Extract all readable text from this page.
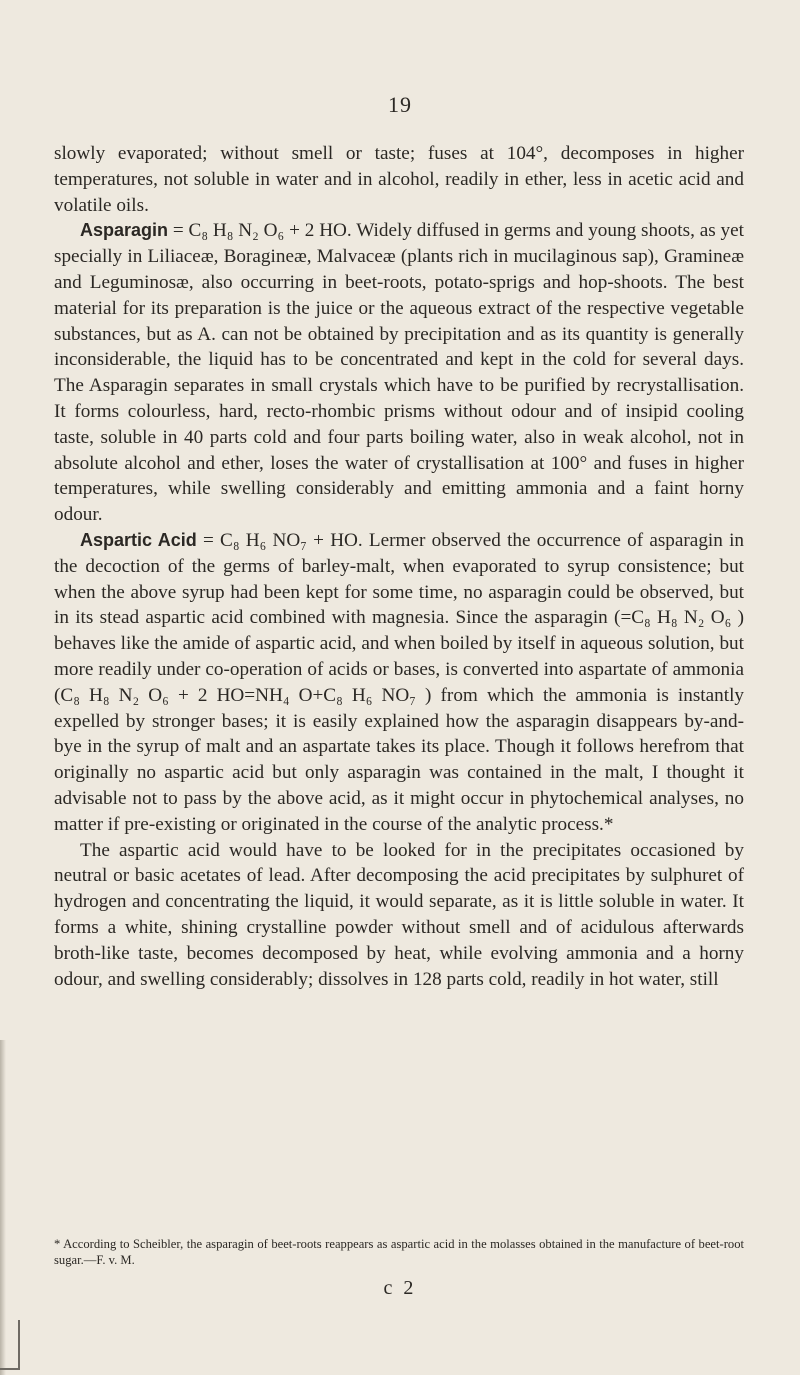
19

slowly evaporated; without smell or taste; fuses at 104°, decomposes in higher temperatures, not soluble in water and in alcohol, readily in ether, less in acetic acid and volatile oils.

Asparagin = C₈ H₈ N₂ O₆ + 2 HO. Widely diffused in germs and young shoots, as yet specially in Liliaceæ, Boragineæ, Malvaceæ (plants rich in mucilaginous sap), Gramineæ and Leguminosæ, also occurring in beet-roots, potato-sprigs and hop-shoots. The best material for its preparation is the juice or the aqueous extract of the respective vegetable substances, but as A. can not be obtained by precipitation and as its quantity is generally inconsiderable, the liquid has to be concentrated and kept in the cold for several days. The Asparagin separates in small crystals which have to be purified by recrystallisation. It forms colourless, hard, recto-rhombic prisms without odour and of insipid cooling taste, soluble in 40 parts cold and four parts boiling water, also in weak alcohol, not in absolute alcohol and ether, loses the water of crystallisation at 100° and fuses in higher temperatures, while swelling considerably and emitting ammonia and a faint horny odour.

Aspartic Acid = C₈ H₆ NO₇ + HO. Lermer observed the occurrence of asparagin in the decoction of the germs of barley-malt, when evaporated to syrup consistence; but when the above syrup had been kept for some time, no asparagin could be observed, but in its stead aspartic acid combined with magnesia. Since the asparagin (=C₈ H₈ N₂ O₆ ) behaves like the amide of aspartic acid, and when boiled by itself in aqueous solution, but more readily under co-operation of acids or bases, is converted into aspartate of ammonia (C₈ H₈ N₂ O₆ + 2 HO=NH₄ O+C₈ H₆ NO₇ ) from which the ammonia is instantly expelled by stronger bases; it is easily explained how the asparagin disappears by-and-bye in the syrup of malt and an aspartate takes its place. Though it follows herefrom that originally no aspartic acid but only asparagin was contained in the malt, I thought it advisable not to pass by the above acid, as it might occur in phytochemical analyses, no matter if pre-existing or originated in the course of the analytic process.*

The aspartic acid would have to be looked for in the precipitates occasioned by neutral or basic acetates of lead. After decomposing the acid precipitates by sulphuret of hydrogen and concentrating the liquid, it would separate, as it is little soluble in water. It forms a white, shining crystalline powder without smell and of acidulous afterwards broth-like taste, becomes decomposed by heat, while evolving ammonia and a horny odour, and swelling considerably; dissolves in 128 parts cold, readily in hot water, still

* According to Scheibler, the asparagin of beet-roots reappears as aspartic acid in the molasses obtained in the manufacture of beet-root sugar.—F. v. M.
c 2
